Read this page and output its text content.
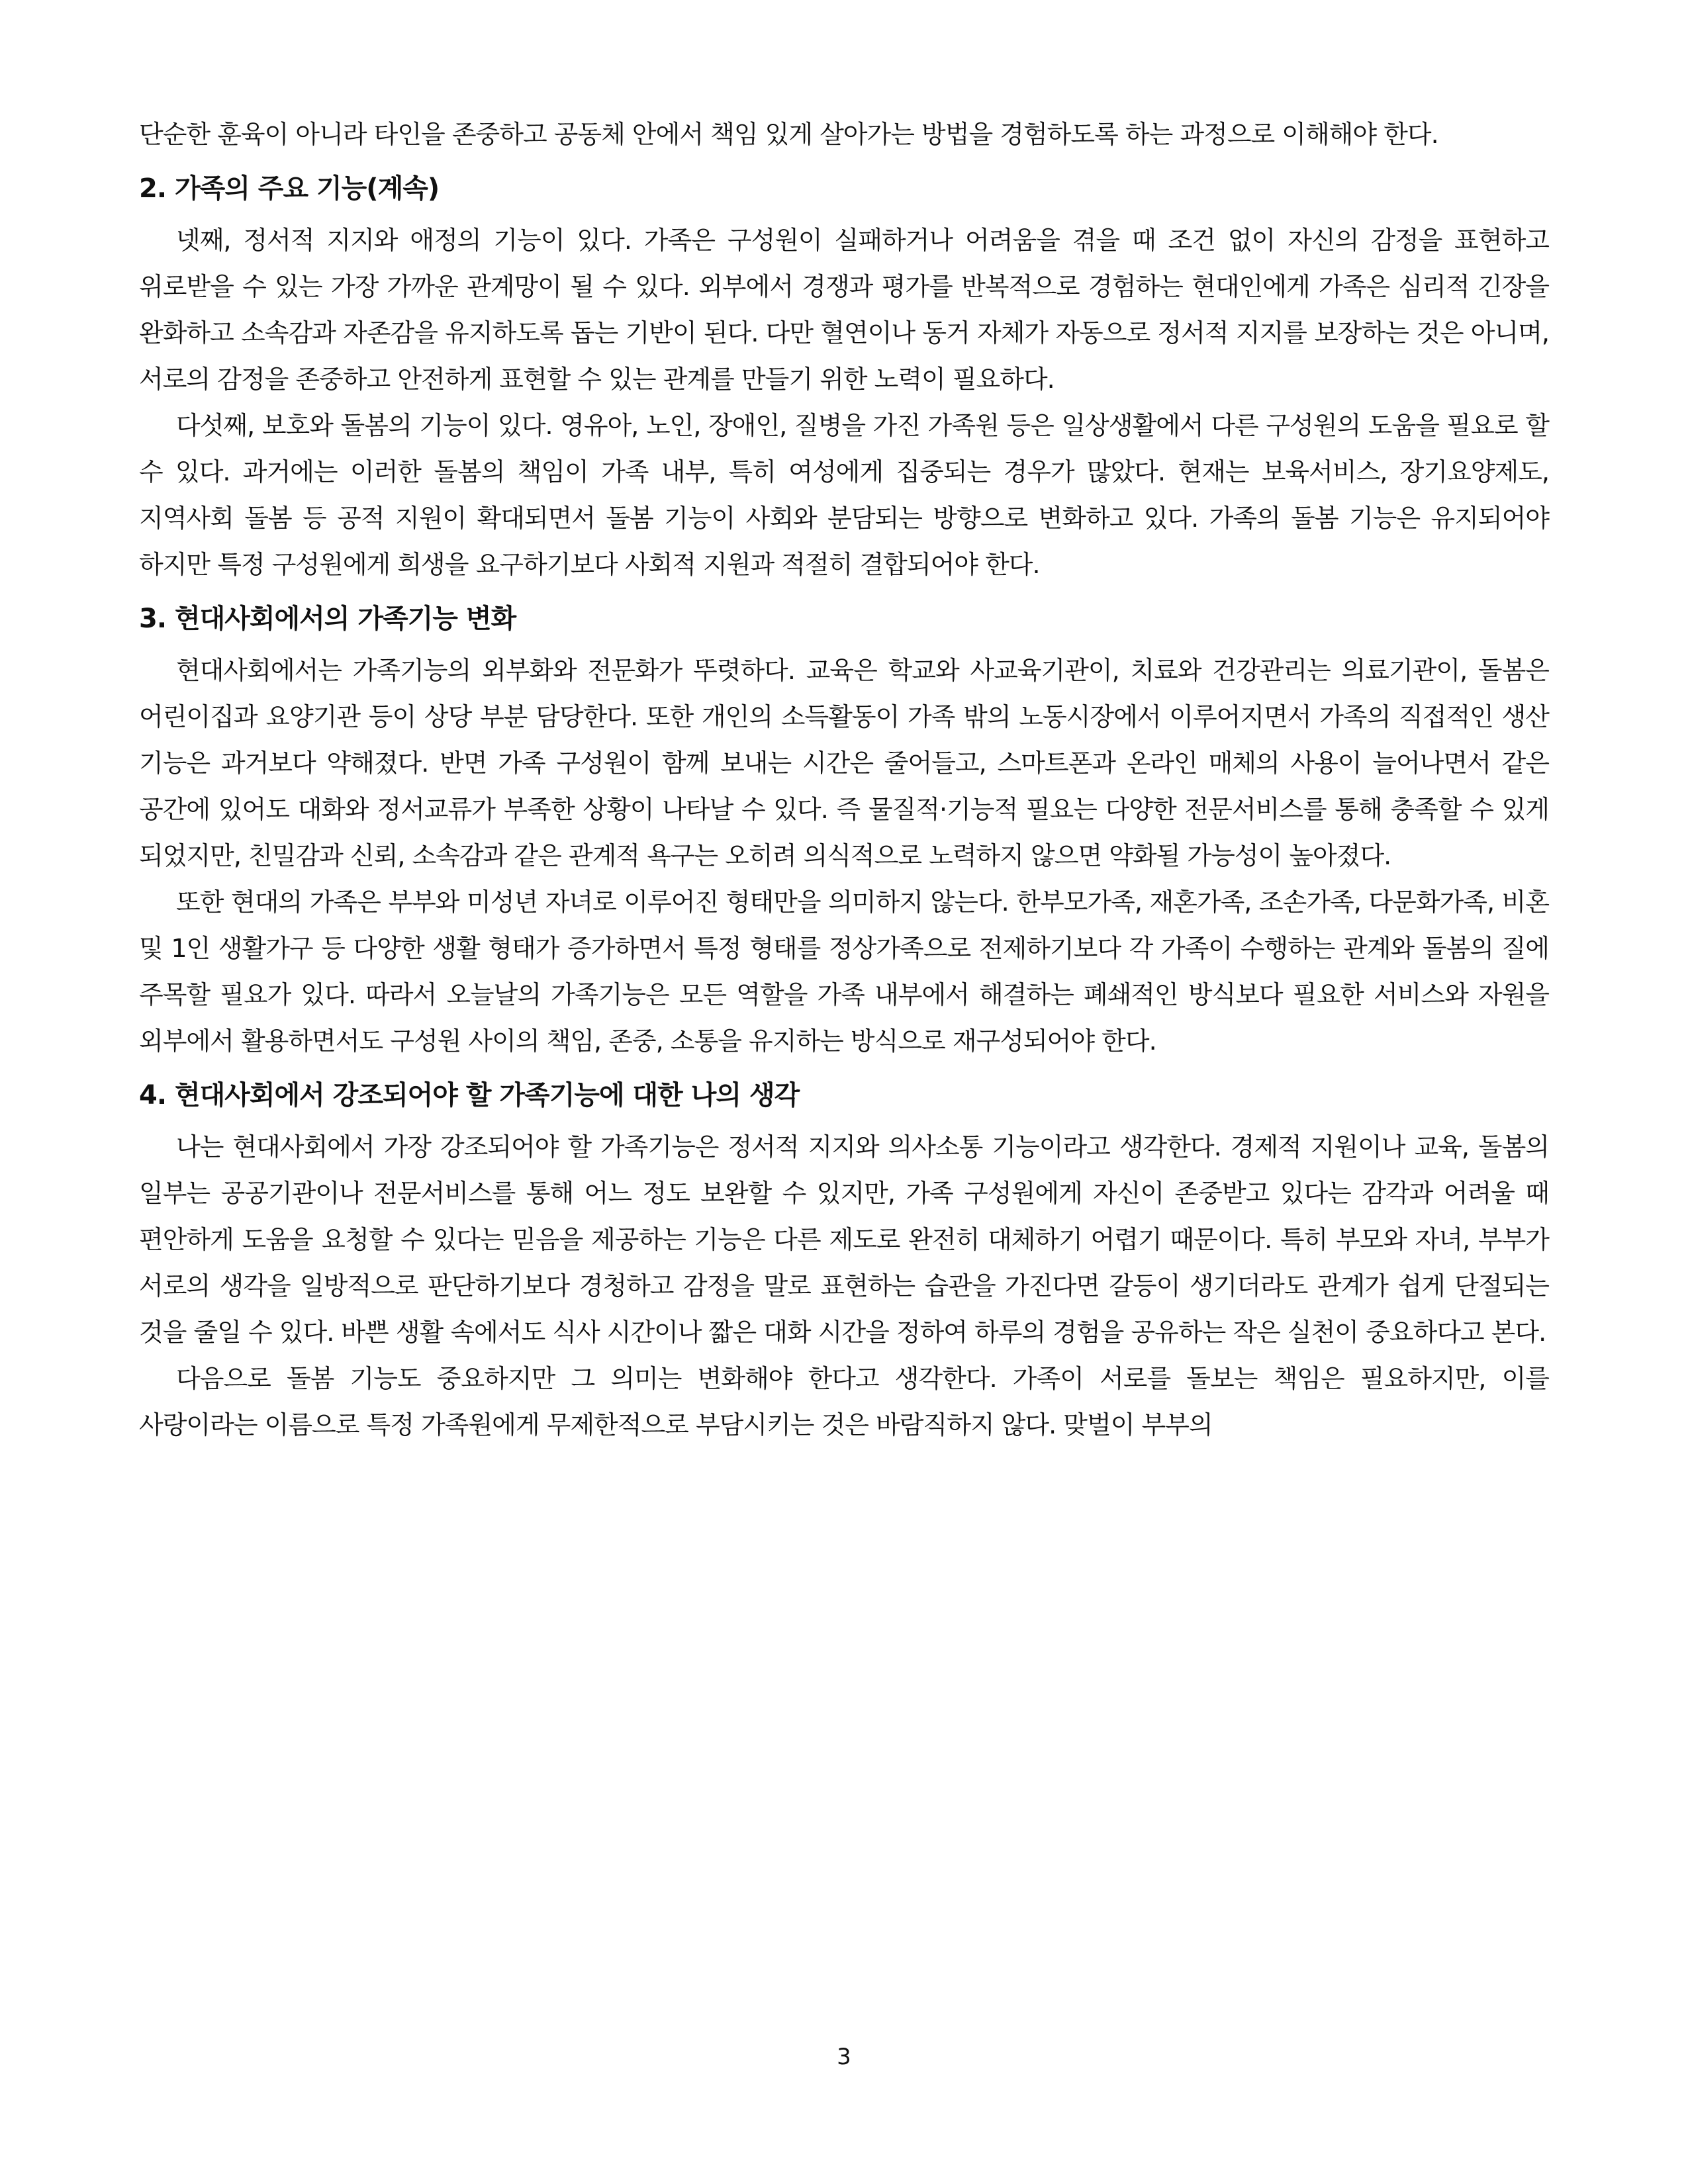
단순한 훈육이 아니라 타인을 존중하고 공동체 안에서 책임 있게 살아가는 방법을 경험하도록 하는 과정으로 이해해야 한다.

2. 가족의 주요 기능(계속)

넷째, 정서적 지지와 애정의 기능이 있다. 가족은 구성원이 실패하거나 어려움을 겪을 때 조건 없이 자신의 감정을 표현하고 위로받을 수 있는 가장 가까운 관계망이 될 수 있다. 외부에서 경쟁과 평가를 반복적으로 경험하는 현대인에게 가족은 심리적 긴장을 완화하고 소속감과 자존감을 유지하도록 돕는 기반이 된다. 다만 혈연이나 동거 자체가 자동으로 정서적 지지를 보장하는 것은 아니며, 서로의 감정을 존중하고 안전하게 표현할 수 있는 관계를 만들기 위한 노력이 필요하다.

다섯째, 보호와 돌봄의 기능이 있다. 영유아, 노인, 장애인, 질병을 가진 가족원 등은 일상생활에서 다른 구성원의 도움을 필요로 할 수 있다. 과거에는 이러한 돌봄의 책임이 가족 내부, 특히 여성에게 집중되는 경우가 많았다. 현재는 보육서비스, 장기요양제도, 지역사회 돌봄 등 공적 지원이 확대되면서 돌봄 기능이 사회와 분담되는 방향으로 변화하고 있다. 가족의 돌봄 기능은 유지되어야 하지만 특정 구성원에게 희생을 요구하기보다 사회적 지원과 적절히 결합되어야 한다.

3. 현대사회에서의 가족기능 변화

현대사회에서는 가족기능의 외부화와 전문화가 뚜렷하다. 교육은 학교와 사교육기관이, 치료와 건강관리는 의료기관이, 돌봄은 어린이집과 요양기관 등이 상당 부분 담당한다. 또한 개인의 소득활동이 가족 밖의 노동시장에서 이루어지면서 가족의 직접적인 생산 기능은 과거보다 약해졌다. 반면 가족 구성원이 함께 보내는 시간은 줄어들고, 스마트폰과 온라인 매체의 사용이 늘어나면서 같은 공간에 있어도 대화와 정서교류가 부족한 상황이 나타날 수 있다. 즉 물질적·기능적 필요는 다양한 전문서비스를 통해 충족할 수 있게 되었지만, 친밀감과 신뢰, 소속감과 같은 관계적 욕구는 오히려 의식적으로 노력하지 않으면 약화될 가능성이 높아졌다.

또한 현대의 가족은 부부와 미성년 자녀로 이루어진 형태만을 의미하지 않는다. 한부모가족, 재혼가족, 조손가족, 다문화가족, 비혼 및 1인 생활가구 등 다양한 생활 형태가 증가하면서 특정 형태를 정상가족으로 전제하기보다 각 가족이 수행하는 관계와 돌봄의 질에 주목할 필요가 있다. 따라서 오늘날의 가족기능은 모든 역할을 가족 내부에서 해결하는 폐쇄적인 방식보다 필요한 서비스와 자원을 외부에서 활용하면서도 구성원 사이의 책임, 존중, 소통을 유지하는 방식으로 재구성되어야 한다.

4. 현대사회에서 강조되어야 할 가족기능에 대한 나의 생각

나는 현대사회에서 가장 강조되어야 할 가족기능은 정서적 지지와 의사소통 기능이라고 생각한다. 경제적 지원이나 교육, 돌봄의 일부는 공공기관이나 전문서비스를 통해 어느 정도 보완할 수 있지만, 가족 구성원에게 자신이 존중받고 있다는 감각과 어려울 때 편안하게 도움을 요청할 수 있다는 믿음을 제공하는 기능은 다른 제도로 완전히 대체하기 어렵기 때문이다. 특히 부모와 자녀, 부부가 서로의 생각을 일방적으로 판단하기보다 경청하고 감정을 말로 표현하는 습관을 가진다면 갈등이 생기더라도 관계가 쉽게 단절되는 것을 줄일 수 있다. 바쁜 생활 속에서도 식사 시간이나 짧은 대화 시간을 정하여 하루의 경험을 공유하는 작은 실천이 중요하다고 본다.

다음으로 돌봄 기능도 중요하지만 그 의미는 변화해야 한다고 생각한다. 가족이 서로를 돌보는 책임은 필요하지만, 이를 사랑이라는 이름으로 특정 가족원에게 무제한적으로 부담시키는 것은 바람직하지 않다. 맞벌이 부부의

3
